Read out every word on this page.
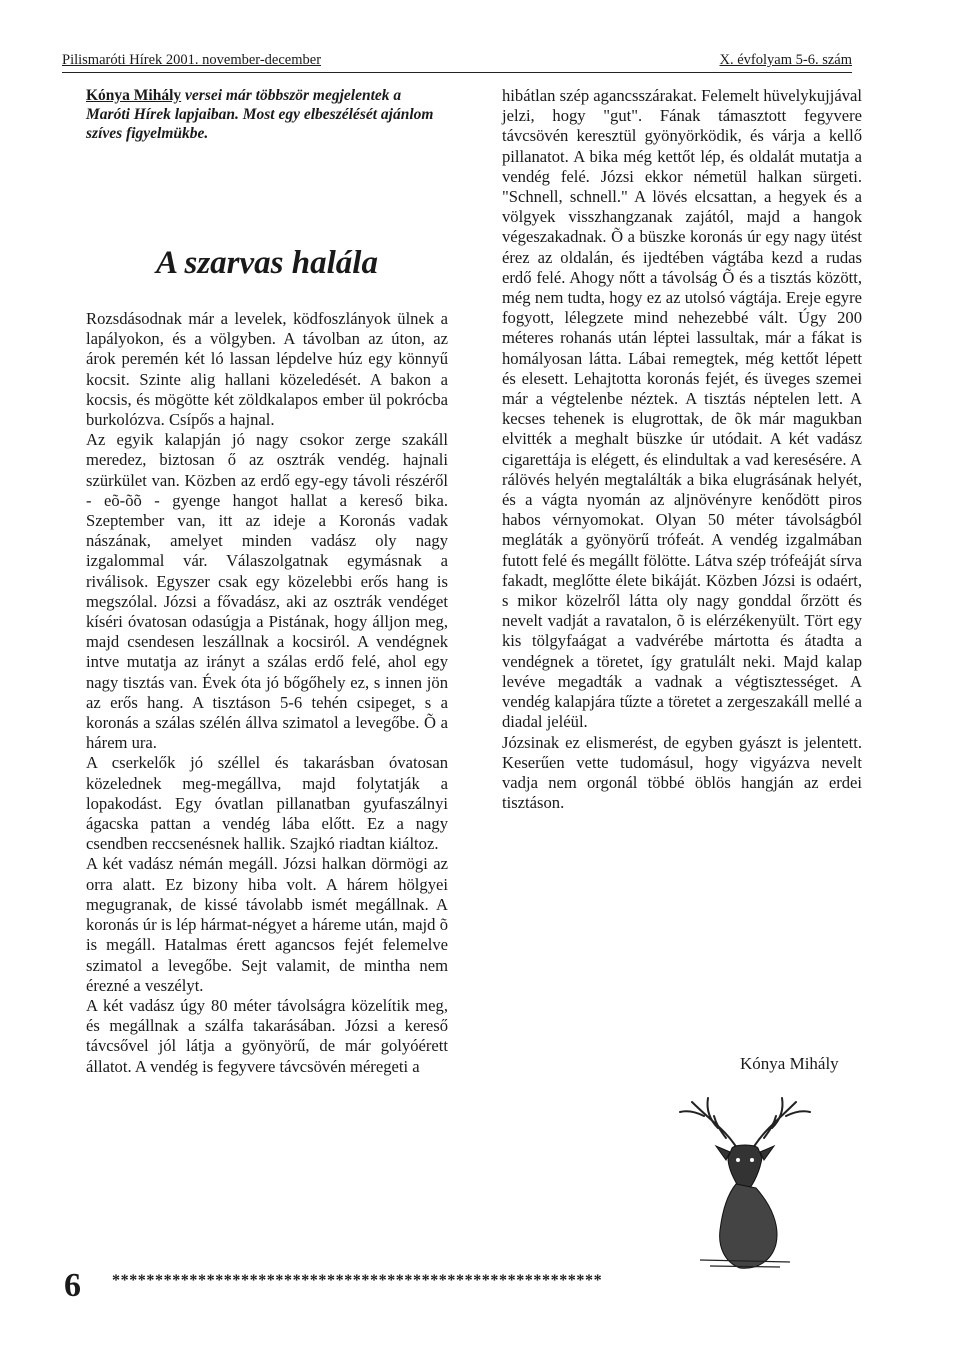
Pilismaróti Hírek 2001. november-december	X. évfolyam 5-6. szám
Kónya Mihály versei már többször megjelentek a Maróti Hírek lapjaiban. Most egy elbeszélését ajánlom szíves figyelmükbe.
A szarvas halála

Rozsdásodnak már a levelek, ködfoszlányok ülnek a lapályokon, és a völgyben. A távolban az úton, az árok peremén két ló lassan lépdelve húz egy könnyű kocsit. Szinte alig hallani közeledését. A bakon a kocsis, és mögötte két zöldkalapos ember ül pokrócba burkolózva. Csípős a hajnal.

Az egyik kalapján jó nagy csokor zerge szakáll meredez, biztosan ő az osztrák vendég. hajnali szürkület van. Közben az erdő egy-egy távoli részéről - eõ-õõ - gyenge hangot hallat a kereső bika. Szeptember van, itt az ideje a Koronás vadak nászának, amelyet minden vadász oly nagy izgalommal vár. Válaszolgatnak egymásnak a riválisok. Egyszer csak egy közelebbi erős hang is megszólal. Józsi a fővadász, aki az osztrák vendéget kíséri óvatosan odasúgja a Pistának, hogy álljon meg, majd csendesen leszállnak a kocsiról. A vendégnek intve mutatja az irányt a szálas erdő felé, ahol egy nagy tisztás van. Évek óta jó bőgőhely ez, s innen jön az erős hang. A tisztáson 5-6 tehén csipeget, s a koronás a szálas szélén állva szimatol a levegőbe. Õ a hárem ura.

A cserkelők jó széllel és takarásban óvatosan közelednek meg-megállva, majd folytatják a lopakodást. Egy óvatlan pillanatban gyufaszálnyi ágacska pattan a vendég lába előtt. Ez a nagy csendben reccsenésnek hallik. Szajkó riadtan kiáltoz.

A két vadász némán megáll. Józsi halkan dörmögi az orra alatt. Ez bizony hiba volt. A hárem hölgyei megugranak, de kissé távolabb ismét megállnak. A koronás úr is lép hármat-négyet a háreme után, majd õ is megáll. Hatalmas érett agancsos fejét felemelve szimatol a levegőbe. Sejt valamit, de mintha nem érezné a veszélyt.

A két vadász úgy 80 méter távolságra közelítik meg, és megállnak a szálfa takarásában. Józsi a kereső távcsővel jól látja a gyönyörű, de már golyóérett állatot. A vendég is fegyvere távcsövén méregeti a

hibátlan szép agancsszárakat. Felemelt hüvelykujjával jelzi, hogy "gut". Fának támasztott fegyvere távcsövén keresztül gyönyörködik, és várja a kellő pillanatot. A bika még kettőt lép, és oldalát mutatja a vendég felé. Józsi ekkor németül halkan sürgeti. "Schnell, schnell." A lövés elcsattan, a hegyek és a völgyek visszhangzanak zajától, majd a hangok végeszakadnak. Õ a büszke koronás úr egy nagy ütést érez az oldalán, és ijedtében vágtába kezd a rudas erdő felé. Ahogy nőtt a távolság Õ és a tisztás között, még nem tudta, hogy ez az utolsó vágtája. Ereje egyre fogyott, lélegzete mind nehezebbé vált. Úgy 200 méteres rohanás után léptei lassultak, már a fákat is homályosan látta. Lábai remegtek, még kettőt lépett és elesett. Lehajtotta koronás fejét, és üveges szemei már a végtelenbe néztek. A tisztás néptelen lett. A kecses tehenek is elugrottak, de õk már magukban elvitték a meghalt büszke úr utódait. A két vadász cigarettája is elégett, és elindultak a vad keresésére. A rálövés helyén megtalálták a bika elugrásának helyét, és a vágta nyomán az aljnövényre kenődött piros habos vérnyomokat. Olyan 50 méter távolságból megláták a gyönyörű trófeát. A vendég izgalmában futott felé és megállt fölötte. Látva szép trófeáját sírva fakadt, meglőtte élete bikáját. Közben Józsi is odaért, s mikor közelről látta oly nagy gonddal őrzött és nevelt vadját a ravatalon, õ is elérzékenyült. Tört egy kis tölgyfaágat a vadvérébe mártotta és átadta a vendégnek a töretet, így gratulált neki. Majd kalap levéve megadták a vadnak a végtisztességet. A vendég kalapjára tűzte a töretet a zergeszakáll mellé a diadal jeléül.

Józsinak ez elismerést, de egyben gyászt is jelentett. Keserűen vette tudomásul, hogy vigyázva nevelt vadja nem orgonál többé öblös hangján az erdei tisztáson.

Kónya Mihály
6 *********************************************************
